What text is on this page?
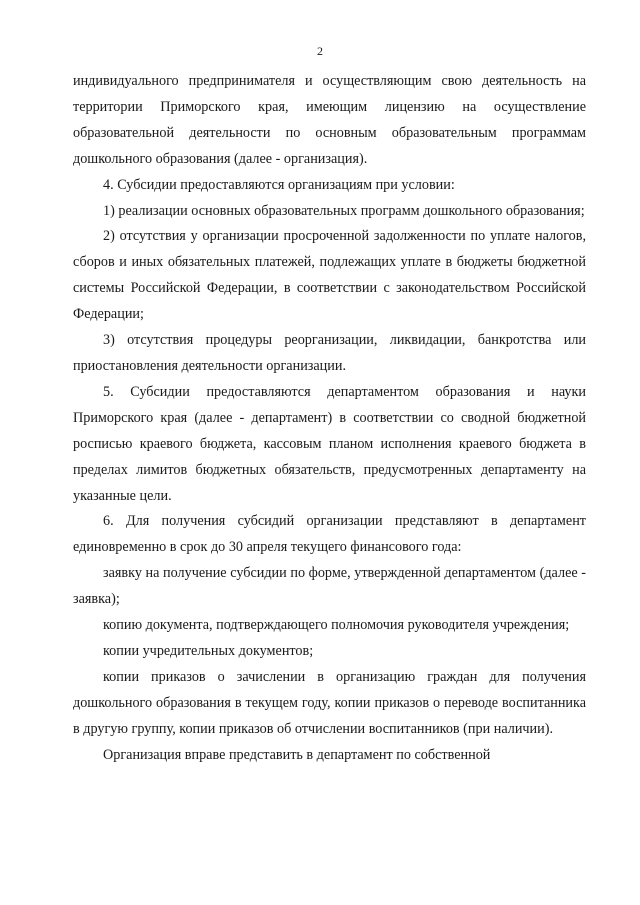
2

индивидуального предпринимателя и осуществляющим свою деятельность на территории Приморского края, имеющим лицензию на осуществление образовательной деятельности по основным образовательным программам дошкольного образования (далее - организация).

4. Субсидии предоставляются организациям при условии:

1) реализации основных образовательных программ дошкольного образования;

2) отсутствия у организации просроченной задолженности по уплате налогов, сборов и иных обязательных платежей, подлежащих уплате в бюджеты бюджетной системы Российской Федерации, в соответствии с законодательством Российской Федерации;

3) отсутствия процедуры реорганизации, ликвидации, банкротства или приостановления деятельности организации.

5. Субсидии предоставляются департаментом образования и науки Приморского края (далее - департамент) в соответствии со сводной бюджетной росписью краевого бюджета, кассовым планом исполнения краевого бюджета в пределах лимитов бюджетных обязательств, предусмотренных департаменту на указанные цели.

6. Для получения субсидий организации представляют в департамент единовременно в срок до 30 апреля текущего финансового года:

заявку на получение субсидии по форме, утвержденной департаментом (далее - заявка);

копию документа, подтверждающего полномочия руководителя учреждения;

копии учредительных документов;

копии приказов о зачислении в организацию граждан для получения дошкольного образования в текущем году, копии приказов о переводе воспитанника в другую группу, копии приказов об отчислении воспитанников (при наличии).

Организация вправе представить в департамент по собственной
